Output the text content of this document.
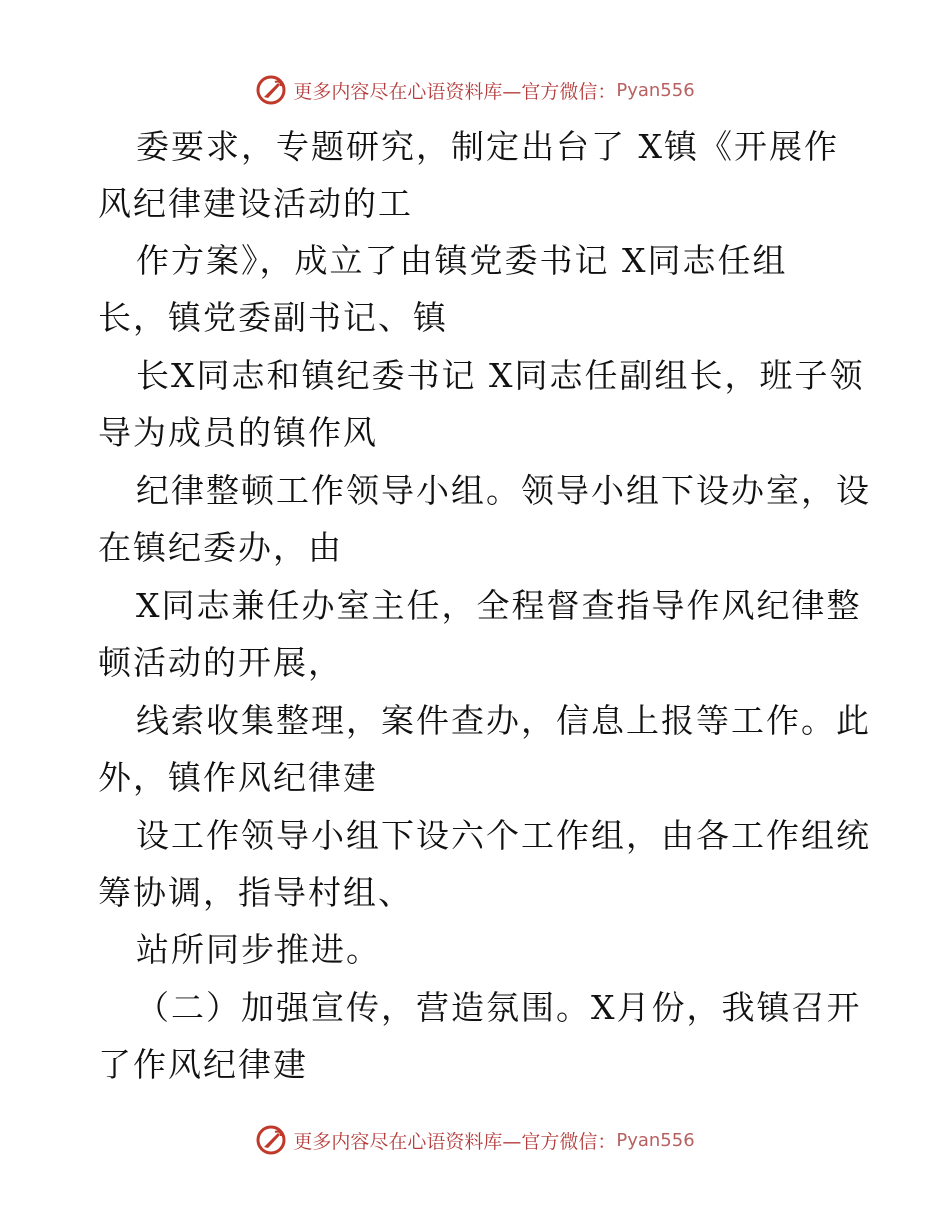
更多内容尽在心语资料库—官方微信： Pyan556
委要求，专题研究，制定出台了 X镇《开展作
风纪律建设活动的工
作方案》，成立了由镇党委书记 X同志任组
长，镇党委副书记、镇
长X同志和镇纪委书记 X同志任副组长，班子领
导为成员的镇作风
纪律整顿工作领导小组。领导小组下设办室，设
在镇纪委办，由
X同志兼任办室主任，全程督查指导作风纪律整
顿活动的开展，
线索收集整理，案件查办，信息上报等工作。此
外，镇作风纪律建
设工作领导小组下设六个工作组，由各工作组统
筹协调，指导村组、
站所同步推进。
（二）加强宣传，营造氛围。X月份，我镇召开
了作风纪律建
更多内容尽在心语资料库—官方微信： Pyan556
